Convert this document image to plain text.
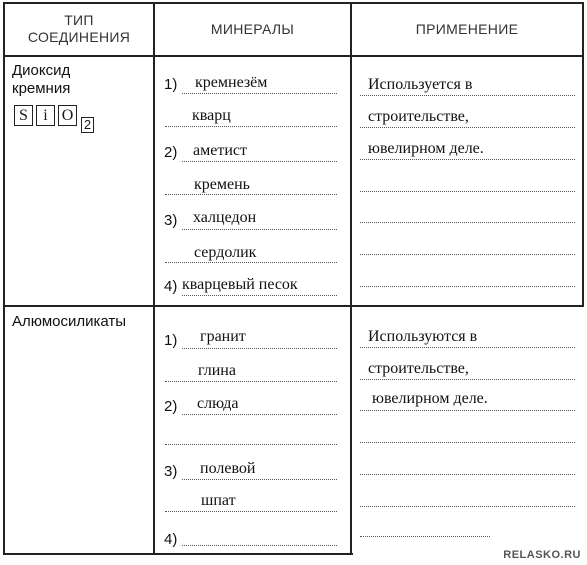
ТИП
СОЕДИНЕНИЯ	МИНЕРАЛЫ	ПРИМЕНЕНИЕ
Диоксид
кремния
S i O
2
1) кремнезём
кварц
2) аметист
кремень
3) халцедон
сердолик
4) кварцевый песок
Используется в
строительстве,
ювелирном деле.
Алюмосиликаты
1) гранит
глина
2) слюда
3) полевой
шпат
4)
Используются в
строительстве,
ювелирном деле.
RELASKO.RU
